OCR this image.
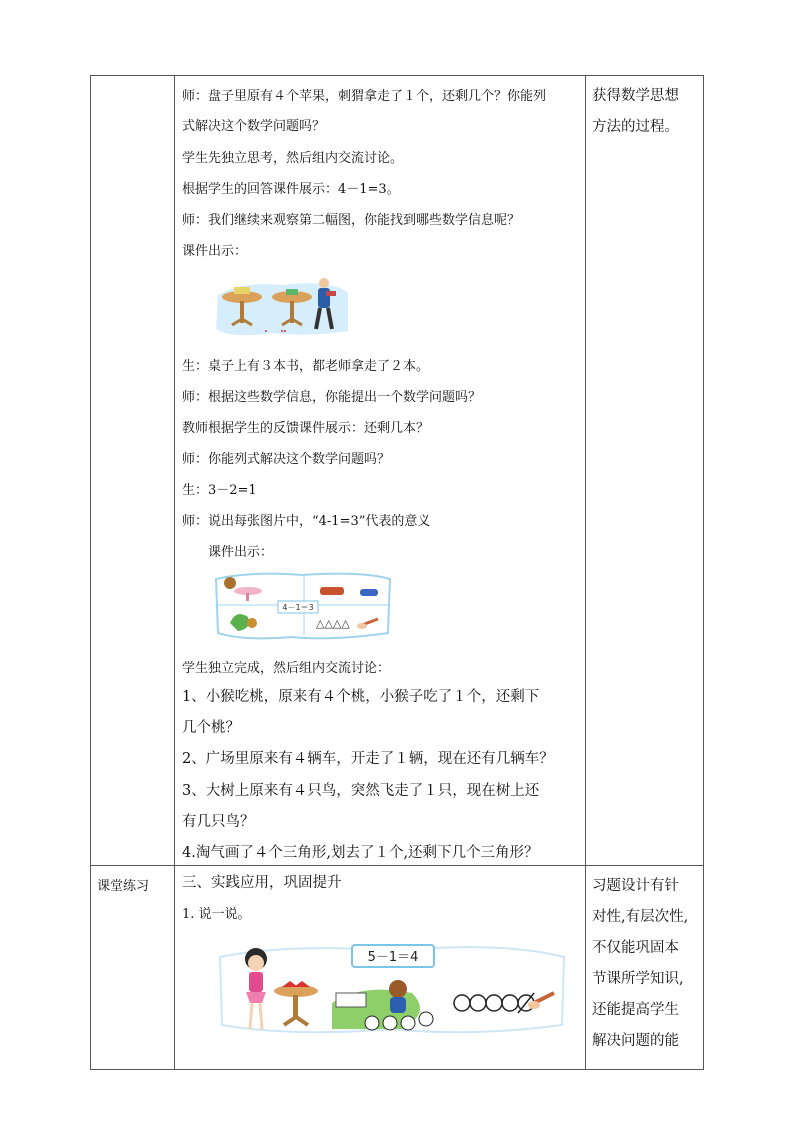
师：盘子里原有４个苹果，刺猬拿走了１个，还剩几个？你能列
式解决这个数学问题吗？
学生先独立思考，然后组内交流讨论。
根据学生的回答课件展示：4－1=3。
师：我们继续来观察第二幅图，你能找到哪些数学信息呢？
课件出示：
生：桌子上有３本书，都老师拿走了２本。
师：根据这些数学信息，你能提出一个数学问题吗？
教师根据学生的反馈课件展示：还剩几本？
师：你能列式解决这个数学问题吗？
生：3－2=1
师：说出每张图片中，“4-1=3”代表的意义
课件出示：
4－1＝3
△△△△
学生独立完成，然后组内交流讨论：
1、小猴吃桃，原来有４个桃，小猴子吃了１个，还剩下
几个桃？
2、广场里原来有４辆车，开走了１辆，现在还有几辆车？
3、大树上原来有４只鸟，突然飞走了１只，现在树上还
有几只鸟？
4.淘气画了４个三角形,划去了１个,还剩下几个三角形？
获得数学思想
方法的过程。
课堂练习 三、实践应用，巩固提升
1. 说一说。
5－1＝4
习题设计有针
对性,有层次性,
不仅能巩固本
节课所学知识,
还能提高学生
解决问题的能
